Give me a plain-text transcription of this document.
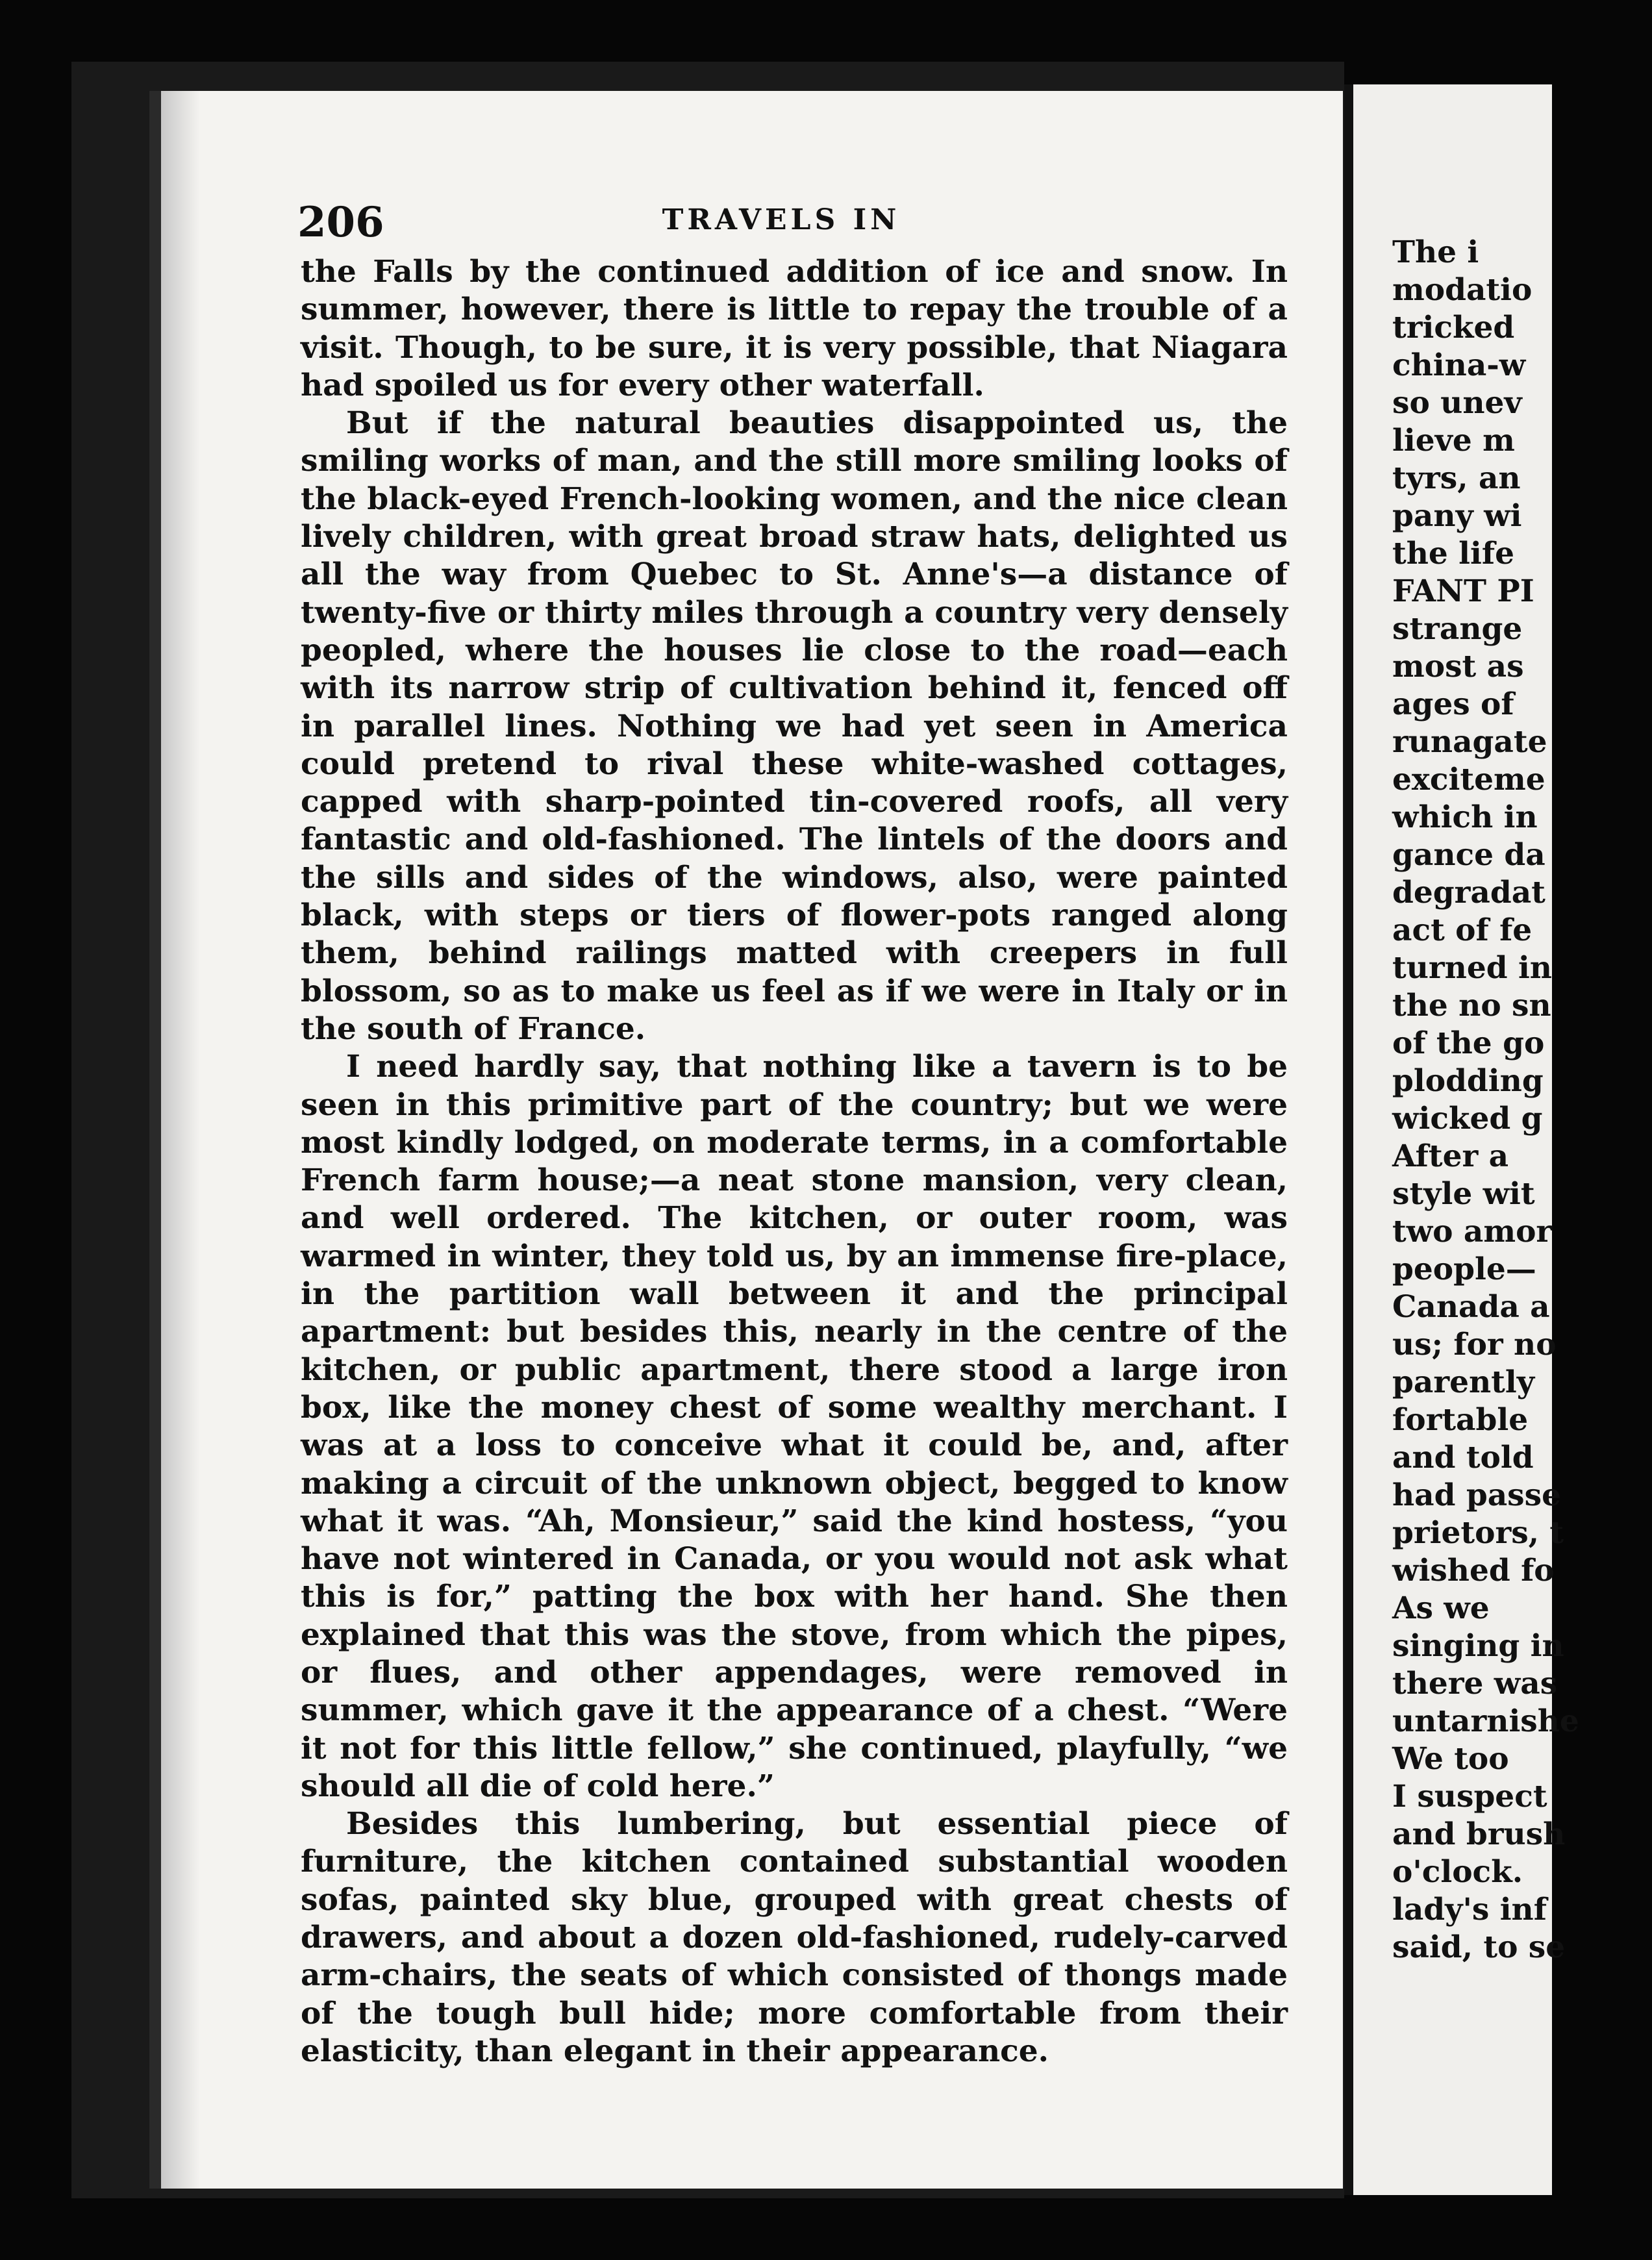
206	TRAVELS IN

the Falls by the continued addition of ice and snow. In summer, however, there is little to repay the trouble of a visit. Though, to be sure, it is very possible, that Niagara had spoiled us for every other waterfall.

But if the natural beauties disappointed us, the smiling works of man, and the still more smiling looks of the black-eyed French-looking women, and the nice clean lively children, with great broad straw hats, delighted us all the way from Quebec to St. Anne's—a distance of twenty-five or thirty miles through a country very densely peopled, where the houses lie close to the road—each with its narrow strip of cultivation behind it, fenced off in parallel lines. Nothing we had yet seen in America could pretend to rival these white-washed cottages, capped with sharp-pointed tin-covered roofs, all very fantastic and old-fashioned. The lintels of the doors and the sills and sides of the windows, also, were painted black, with steps or tiers of flower-pots ranged along them, behind railings matted with creepers in full blossom, so as to make us feel as if we were in Italy or in the south of France.

I need hardly say, that nothing like a tavern is to be seen in this primitive part of the country; but we were most kindly lodged, on moderate terms, in a comfortable French farm house;—a neat stone mansion, very clean, and well ordered. The kitchen, or outer room, was warmed in winter, they told us, by an immense fire-place, in the partition wall between it and the principal apartment: but besides this, nearly in the centre of the kitchen, or public apartment, there stood a large iron box, like the money chest of some wealthy merchant. I was at a loss to conceive what it could be, and, after making a circuit of the unknown object, begged to know what it was. “Ah, Monsieur,” said the kind hostess, “you have not wintered in Canada, or you would not ask what this is for,” patting the box with her hand. She then explained that this was the stove, from which the pipes, or flues, and other appendages, were removed in summer, which gave it the appearance of a chest. “Were it not for this little fellow,” she continued, playfully, “we should all die of cold here.”

Besides this lumbering, but essential piece of furniture, the kitchen contained substantial wooden sofas, painted sky blue, grouped with great chests of drawers, and about a dozen old-fashioned, rudely-carved arm-chairs, the seats of which consisted of thongs made of the tough bull hide; more comfortable from their elasticity, than elegant in their appearance.

The i
modatio
tricked
china-w
so unev
lieve m
tyrs, an
pany wi
the life
FANT PI
strange
most as
ages of
runagate
exciteme
which in
gance da
degradat
act of fe
turned in
the no sn
of the go
plodding
wicked g
After a
style wit
two amor
people—
Canada a
us; for no
parently
fortable
and told
had passe
prietors, t
wished fo
As we
singing in
there was
untarnishe
We too
I suspect
and brush
o'clock.
lady's inf
said, to se
